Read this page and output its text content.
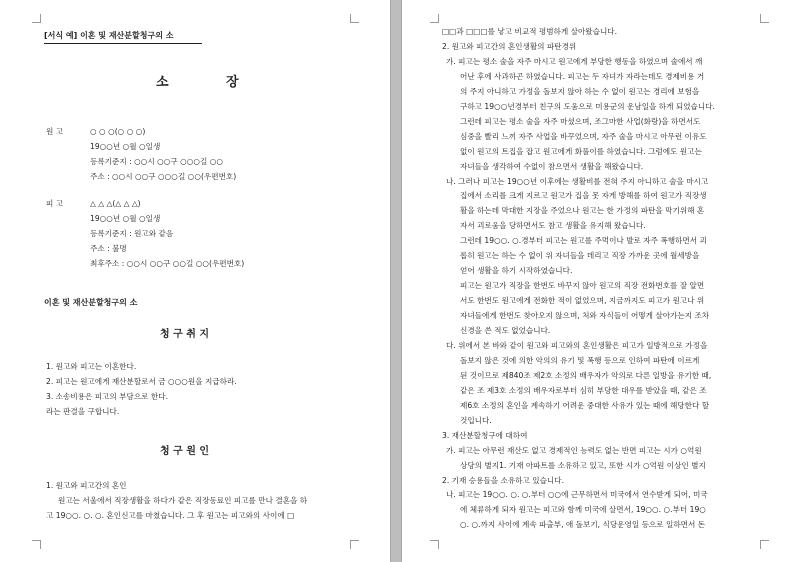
[서식 예] 이혼 및 재산분할청구의 소
소	장
원 고	○ ○ ○(○ ○ ○)
19○○년 ○월 ○일생
등록기준지 : ○○시 ○○구 ○○○길 ○○
주소 : ○○시 ○○구 ○○○길 ○○(우편번호)
피 고	△ △ △(△ △ △)
19○○년 ○월 ○일생
등록기준지 : 원고와 같음
주소 : 불명
최후주소 : ○○시 ○○구 ○○길 ○○(우편번호)
이혼 및 재산분할청구의 소
청 구 취 지
1. 원고와 피고는 이혼한다.
2. 피고는 원고에게 재산분할로서 금 ○○○원을 지급하라.
3. 소송비용은 피고의 부담으로 한다.
라는 판결을 구합니다.
청 구 원 인
1. 원고와 피고간의 혼인
원고는 서울에서 직장생활을 하다가 같은 직장동료인 피고를 만나 결혼을 하
고 19○○. ○. ○. 혼인신고를 마쳤습니다. 그 후 원고는 피고와의 사이에 □
□□과 □□□를 낳고 비교적 평범하게 살아왔습니다.
2. 원고와 피고간의 혼인생활의 파탄경위
가. 피고는 평소 술을 자주 마시고 원고에게 부당한 행동을 하였으며 술에서 깨
어난 후에 사과하곤 하였습니다. 피고는 두 자녀가 자라는데도 경제비용 거
의 주지 아니하고 가정을 돌보지 않아 하는 수 없이 원고는 경리에 보험을
구하고 19○○년경부터 친구의 도움으로 미용군의 운남일을 하게 되었습니다.
그런데 피고는 평소 술을 자주 마셨으며, 조그마한 사업(화랑)을 하면서도
심중을 빨리 느끼 자주 사업을 바꾸었으며, 자주 술을 마시고 아무런 이유도
없이 원고의 트집을 잡고 원고에게 화풀이를 하였습니다. 그럼에도 원고는
자녀들을 생각하여 수없이 참으면서 생활을 해왔습니다.
나. 그러나 피고는 19○○년 이후에는 생활비를 전혀 주지 아니하고 술을 마시고
집에서 소리를 크게 지르고 원고가 집을 못 자게 방해를 하여 원고가 직장생
활을 하는데 막대한 지장을 주었으나 원고는 한 가정의 파탄을 막기위해 혼
자서 괴로움을 당하면서도 참고 생활을 유지해 왔습니다.
그런데 19○○. ○.경부터 피고는 원고를 주먹이나 발로 자주 폭행하면서 괴
롭히 원고는 하는 수 없이 위 자녀들을 데리고 직장 가까운 곳에 월세방을
얻어 생활을 하기 시작하였습니다.
피고는 원고가 직장을 한번도 바꾸지 않아 원고의 직장 전화번호를 잘 알면
서도 한번도 원고에게 전화한 적이 없었으며, 지금까지도 피고가 원고나 위
자녀들에게 한번도 찾아오지 않으며, 처와 자식들이 어떻게 살아가는지 조차
신경을 쓴 적도 없었습니다.
다. 위에서 본 바와 같이 원고와 피고와의 혼인생활은 피고가 일방적으로 가정을
돌보지 않은 것에 의한 악의의 유기 및 폭행 등으로 인하여 파탄에 이르게
된 것이므로 제840조 제2호 소정의 배우자가 악의로 다른 일방을 유기한 때,
같은 조 제3호 소정의 배우자로부터 심히 부당한 대우를 받았을 때, 같은 조
제6호 소정의 혼인을 계속하기 어려운 중대한 사유가 있는 때에 해당한다 할
것입니다.
3. 재산분할청구에 대하여
가. 피고는 아무런 재산도 없고 경제적인 능력도 없는 반면 피고는 시가 ○억원
상당의 별지1. 기재 아파트를 소유하고 있고, 또한 시가 ○억원 이상인 별지
2. 기재 승용들을 소유하고 있습니다.
나. 피고는 19○○. ○. ○.부터 ○○에 근무하면서 미국에서 연수받게 되어, 미국
에 체류하게 되자 원고는 피고와 함께 미국에 살면서, 19○○. ○.부터 19○
○. ○.까지 사이에 계속 파출부, 애 돌보기, 식당운영일 등으로 일하면서 돈
